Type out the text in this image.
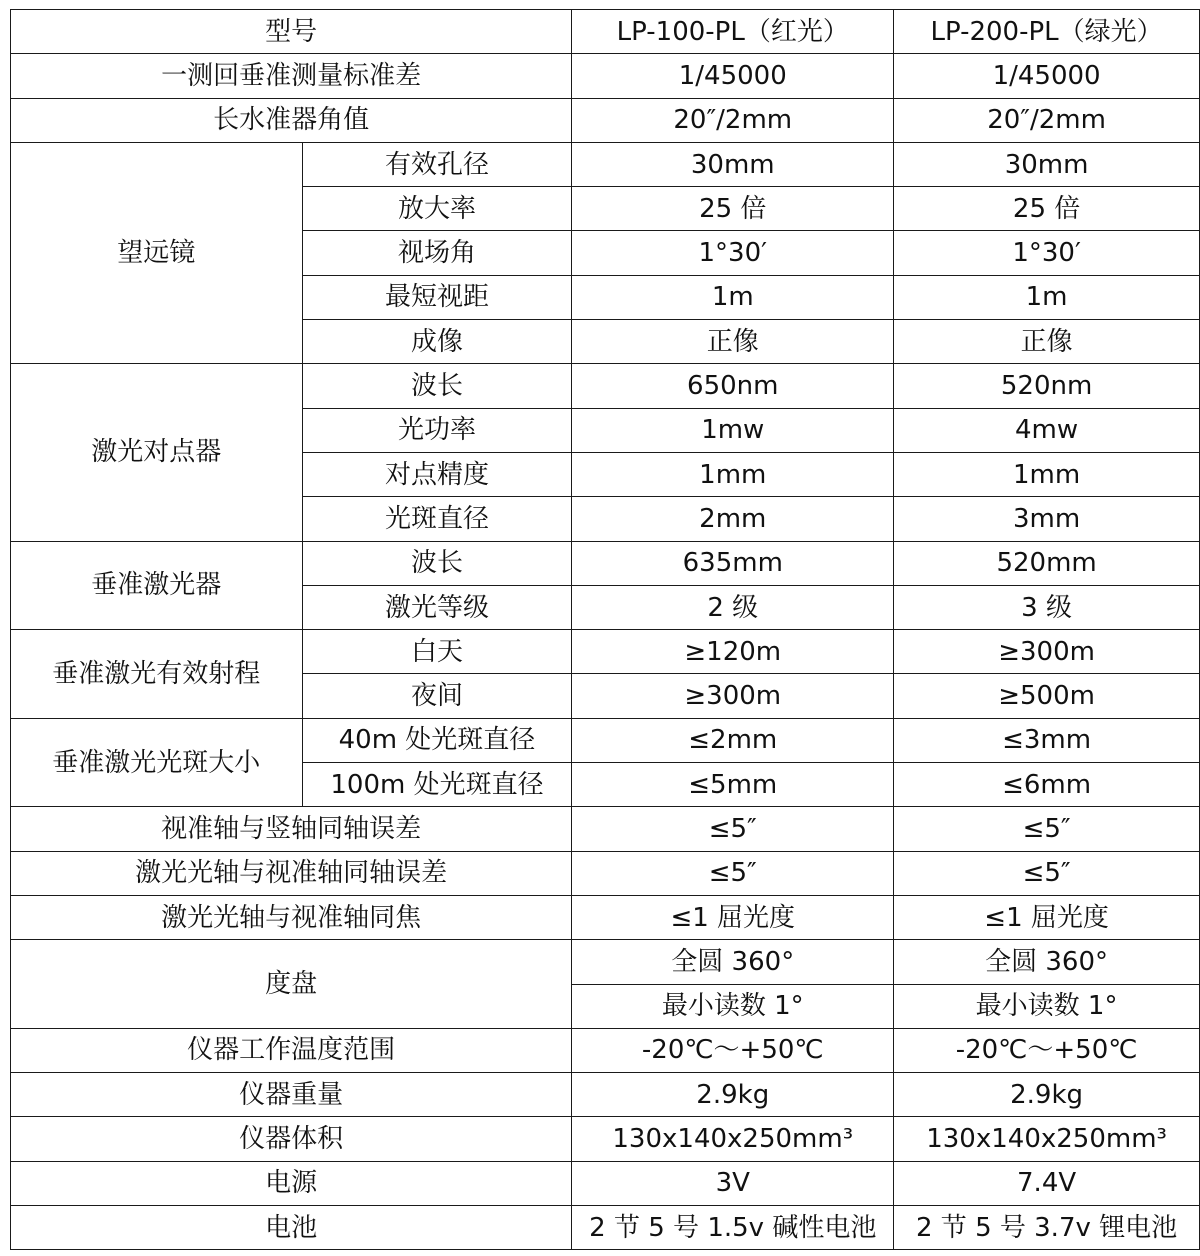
型号		LP-100-PL（红光）	LP-200-PL（绿光）
一测回垂准测量标准差		1/45000	1/45000
长水准器角值		20″/2mm	20″/2mm
望远镜	有效孔径	30mm	30mm
	放大率	25 倍	25 倍
	视场角	1°30′	1°30′
	最短视距	1m	1m
	成像	正像	正像
激光对点器	波长	650nm	520nm
	光功率	1mw	4mw
	对点精度	1mm	1mm
	光斑直径	2mm	3mm
垂准激光器	波长	635mm	520mm
	激光等级	2 级	3 级
垂准激光有效射程	白天	≥120m	≥300m
	夜间	≥300m	≥500m
垂准激光光斑大小	40m 处光斑直径	≤2mm	≤3mm
	100m 处光斑直径	≤5mm	≤6mm
视准轴与竖轴同轴误差		≤5″	≤5″
激光光轴与视准轴同轴误差		≤5″	≤5″
激光光轴与视准轴同焦		≤1 屈光度	≤1 屈光度
度盘		全圆 360°	全圆 360°
		最小读数 1°	最小读数 1°
仪器工作温度范围		-20℃～+50℃	-20℃～+50℃
仪器重量		2.9kg	2.9kg
仪器体积		130x140x250mm³	130x140x250mm³
电源		3V	7.4V
电池		2 节 5 号 1.5v 碱性电池	2 节 5 号 3.7v 锂电池
